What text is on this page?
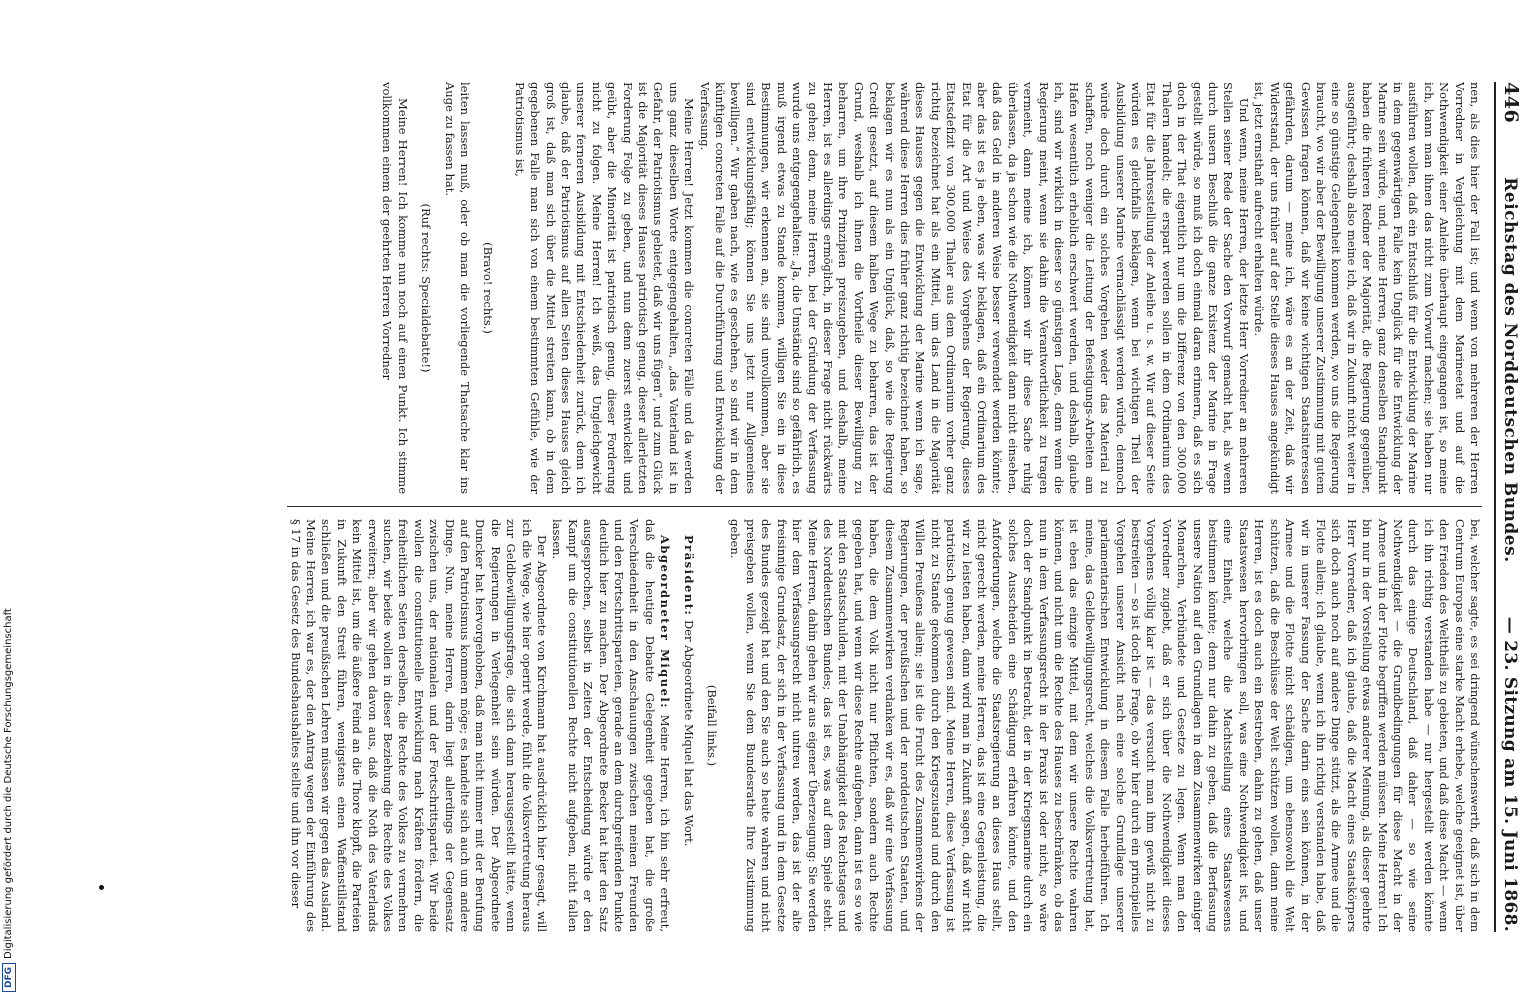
DFGDigitalisierung gefördert durch die Deutsche Forschungsgemeinschaft
446
Reichstag des Norddeutschen Bundes.
— 23. Sitzung am 15. Juni 1868.

nen, als dies hier der Fall ist; und wenn von mehreren der Herren Vorredner in Vergleichung mit dem Marineetat und auf die Nothwendigkeit einer Anleihe überhaupt eingegangen ist, so meine ich, kann man ihnen das nicht zum Vorwurf machen; sie haben nur ausführen wollen, daß ein Entschluß für die Entwicklung der Marine in dem gegenwärtigen Falle kein Unglück für die Entwicklung der Marine sein würde, und, meine Herren, ganz denselben Standpunkt haben die früheren Redner der Majorität, die Regierung gegenüber, ausgeführt; deshalb also meine ich, daß wir in Zukunft nicht weiter in eine so günstige Gelegenheit kommen werden, wo uns die Regierung braucht, wo wir aber der Bewilligung unserer Zustimmung mit gutem Gewissen fragen können, daß wir keine wichtigen Staatsinteressen gefährden, darum — meine ich, wäre es an der Zeit, daß wir Widerstand, der uns früher auf der Stelle dieses Hauses angekündigt ist, jetzt ernsthaft aufrecht erhalten würde.

Und wenn, meine Herren, der letzte Herr Vorredner an mehreren Stellen seiner Rede der Sache den Vorwurf gemacht hat, als wenn durch unsern Beschluß die ganze Existenz der Marine in Frage gestellt würde, so muß ich doch einmal daran erinnern, daß es sich doch in der That eigentlich nur um die Differenz von den 300,000 Thalern handelt; die erspart werden sollen in dem Ordinarium des Etat für die Jahresstellung der Anleihe u. s. w. Wir auf dieser Seite würden es gleichfalls beklagen, wenn bei wichtigen Theil der Ausbildung unserer Marine vernachlässigt werden würde, dennoch würde doch durch ein solches Vorgehen weder das Material zu schaffen, noch weniger die Leitung der Befestigungs-Arbeiten am Hafen wesentlich erheblich erschwert werden, und deshalb, glaube ich, sind wir wirklich in dieser so günstigen Lage, denn wenn die Regierung meint, wenn sie dahin die Verantwortlichkeit zu tragen vermeint, dann meine ich, können wir ihr diese Sache ruhig überlassen, da ja schon wie die Nothwendigkeit dann nicht einsehen, daß das Geld in anderen Weise besser verwendet werden könnte; aber das ist es ja eben, was wir beklagen, daß ein Ordinarium des Etat für die Art und Weise des Vorgehens der Regierung, dieses Etatsdefizit von 300,000 Thaler aus dem Ordinarium vorher ganz richtig bezeichnet hat als ein Mittel, um das Land in die Majorität dieses Hauses gegen die Entwicklung der Marine wenn ich sage, während diese Herren dies früher ganz richtig bezeichnet haben, so beklagen wir es nun als ein Unglück, daß, so wie die Regierung Credit gesetzt, auf diesem halben Wege zu beharren, das ist der Grund, weshalb ich ihnen die Vortheile dieser Bewilligung zu beharren, um ihre Prinzipien preiszugeben, und deshalb, meine Herren, ist es allerdings ermöglich, in dieser Frage nicht rückwärts zu gehen; denn, meine Herren, bei der Gründung der Verfassung wurde uns entgegengehalten: „Ja, die Umstände sind so gefährlich, es muß irgend etwas zu Stande kommen, willigen Sie ein in diese Bestimmungen, wir erkennen an, sie sind unvollkommen, aber sie sind entwicklungsfähig; können Sie uns jetzt nur Allgemeines bewilligen.“ Wir gaben nach, wie es geschehen, so sind wir in dem künftigen concreten Falle auf die Durchführung und Entwicklung der Verfassung.

Meine Herren! Jetzt kommen die concreten Fälle und da werden uns ganz dieselben Worte entgegengehalten, „das Vaterland ist in Gefahr, der Patriotismus gebietet, daß wir uns fügen“, und zum Glück ist die Majorität dieses Hauses patriotisch genug, dieser allerletzten Forderung Folge zu geben, und nun denn zuerst entwickelt und geübt, aber die Minorität ist patriotisch genug, dieser Forderung nicht zu folgen. Meine Herren! Ich weiß, das Ungleichgewicht unserer ferneren Ausbildung mit Entschiedenheit zurück, denn ich glaube, daß der Patriotismus auf allen Seiten dieses Hauses gleich groß ist, daß man sich über die Mittel streiten kann, ob in dem gegebenen Falle man sich von einem bestimmten Gefühle, wie der Patriotismus ist,

(Bravo! rechts.)

leiten lassen muß, oder ob man die vorliegende Thatsache klar ins Auge zu fassen hat.

(Ruf rechts: Specialdebatte!)

Meine Herren! Ich komme nun noch auf einen Punkt. Ich stimme vollkommen einem der geehrten Herren Vorredner

bei, welcher sagte, es sei dringend wünschenswerth, daß sich in dem Centrum Europas eine starke Macht erhebe, welche geeignet ist, über den Frieden des Welttheils zu gebieten, und daß diese Macht — wenn ich ihn richtig verstanden habe — nur hergestellt werden könnte durch das einige Deutschland, daß daher — so wie seine Nothwendigkeit — die Grundbedingungen für diese Macht in der Armee und in der Flotte begriffen werden müssen. Meine Herren! Ich bin nur in der Vorstellung etwas anderer Meinung, als dieser geehrte Herr Vorredner, daß ich glaube, daß die Macht eines Staatskörpers sich doch auch noch auf andere Dinge stützt, als die Armee und die Flotte allein; ich glaube, wenn ich ihn richtig verstanden habe, daß wir in unserer Fassung der Sache darin eins sein können, in der Armee und die Flotte nicht schädigen, um ebensowohl die Welt schützen, daß die Beschlüsse der Welt schützen wollen, dann meine Herren, ist es doch auch ein Bestreben, dahin zu gehen, daß unser Staatswesen hervorbringen soll, was eine Nothwendigkeit ist, und eine Einheit, welche die Machtstellung eines Staatswesens bestimmen könnte; denn nur dahin zu geben, daß die Berfassung unsere Nation auf den Grundlagen in dem Zusammenwirken einiger Monarchen, Verbündete und Gesetze zu legen. Wenn man den Vorredner zugiebt, daß er sich über die Nothwendigkeit dieses Vorgehens völlig klar ist — das versucht man ihm gewiß nicht zu bestreiten — so ist doch die Frage, ob wir hier durch ein principielles Vorgehen unserer Ansicht nach eine solche Grundlage unserer parlamentarischen Entwicklung in diesem Falle herbeiführen. Ich meine, das Geldbewilligungsrecht, welches die Volksvertretung hat, ist eben das einzige Mittel, mit dem wir unsere Rechte wahren können, und nicht um die Rechte des Hauses zu beschränken, ob das nun in dem Verfassungsrecht in der Praxis ist oder nicht, so wäre doch der Standpunkt in Betracht, der in der Kriegsmarine durch ein solches Ausscheiden eine Schädigung erfahren könnte, und den Anforderungen, welche die Staatsregierung an dieses Haus stellt, nicht gerecht werden, meine Herren, das ist eine Gegenleistung, die wir zu leisten haben, dann wird man in Zukunft sagen, daß wir nicht patriotisch genug gewesen sind. Meine Herren, diese Verfassung ist nicht zu Stande gekommen durch den Kriegszustand und durch den Willen Preußens allein; sie ist die Frucht des Zusammenwirkens der Regierungen, der preußischen und der norddeutschen Staaten, und diesem Zusammenwirken verdanken wir es, daß wir eine Verfassung haben, die dem Volk nicht nur Pflichten, sondern auch Rechte gegeben hat, und wenn wir diese Rechte aufgeben, dann ist es so wie mit den Staatsschulden, mit der Unabhängigkeit des Reichstages und des Norddeutschen Bundes; das ist es, was auf dem Spiele steht. Meine Herren, dahin gehen wir aus eigener Überzeugung: Sie werden hier dem Verfassungsrecht nicht untreu werden, das ist der alte freisinnige Grundsatz, der sich in der Verfassung und in dem Gesetze des Bundes gezeigt hat und den Sie auch so heute wahren und nicht preisgeben wollen, wenn Sie dem Bundesrathe Ihre Zustimmung geben.

(Beifall links.)

Präsident: Der Abgeordnete Miquel hat das Wort.

Abgeordneter Miquel: Meine Herren, ich bin sehr erfreut, daß die heutige Debatte Gelegenheit gegeben hat, die große Verschiedenheit in den Anschauungen zwischen meinen Freunden und den Fortschrittsparteien, gerade an dem durchgreifenden Punkte deutlich hier zu machen. Der Abgeordnete Becker hat hier den Satz ausgesprochen, selbst in Zeiten der Entscheidung würde er den Kampf um die constitutionellen Rechte nicht aufgeben, nicht fallen lassen.

Der Abgeordnete von Kirchmann hat ausdrücklich hier gesagt, will ich die Wege, wie hier operirt werde, fühlt die Volksvertretung heraus zur Geldbewilligungsfrage, die sich dann herausgestellt hätte, wenn die Regierungen in Verlegenheit sein würden. Der Abgeordnete Duncker hat hervorgehoben, daß man nicht immer mit der Berufung auf den Patriotismus kommen möge; es handelte sich auch um andere Dinge. Nun, meine Herren, darin liegt allerdings der Gegensatz zwischen uns, der nationalen und der Fortschrittspartei. Wir beide wollen die constitutionelle Entwicklung nach Kräften fördern, die freiheitlichen Seiten derselben, die Rechte des Volkes zu vermehren suchen, wir beide wollen in dieser Beziehung die Rechte des Volkes erweitern; aber wir gehen davon aus, daß die Noth des Vaterlands kein Mittel ist, um die äußere Feind an die Thore klopft, die Parteien in Zukunft den Streit führen, wenigstens einen Waffenstillstand schließen und die preußischen Lehren müssen wir gegen das Ausland. Meine Herren, ich war es, der den Antrag wegen der Einführung des § 17 in das Gesetz des Bundeshaushaltes stellte und ihn vor dieser
